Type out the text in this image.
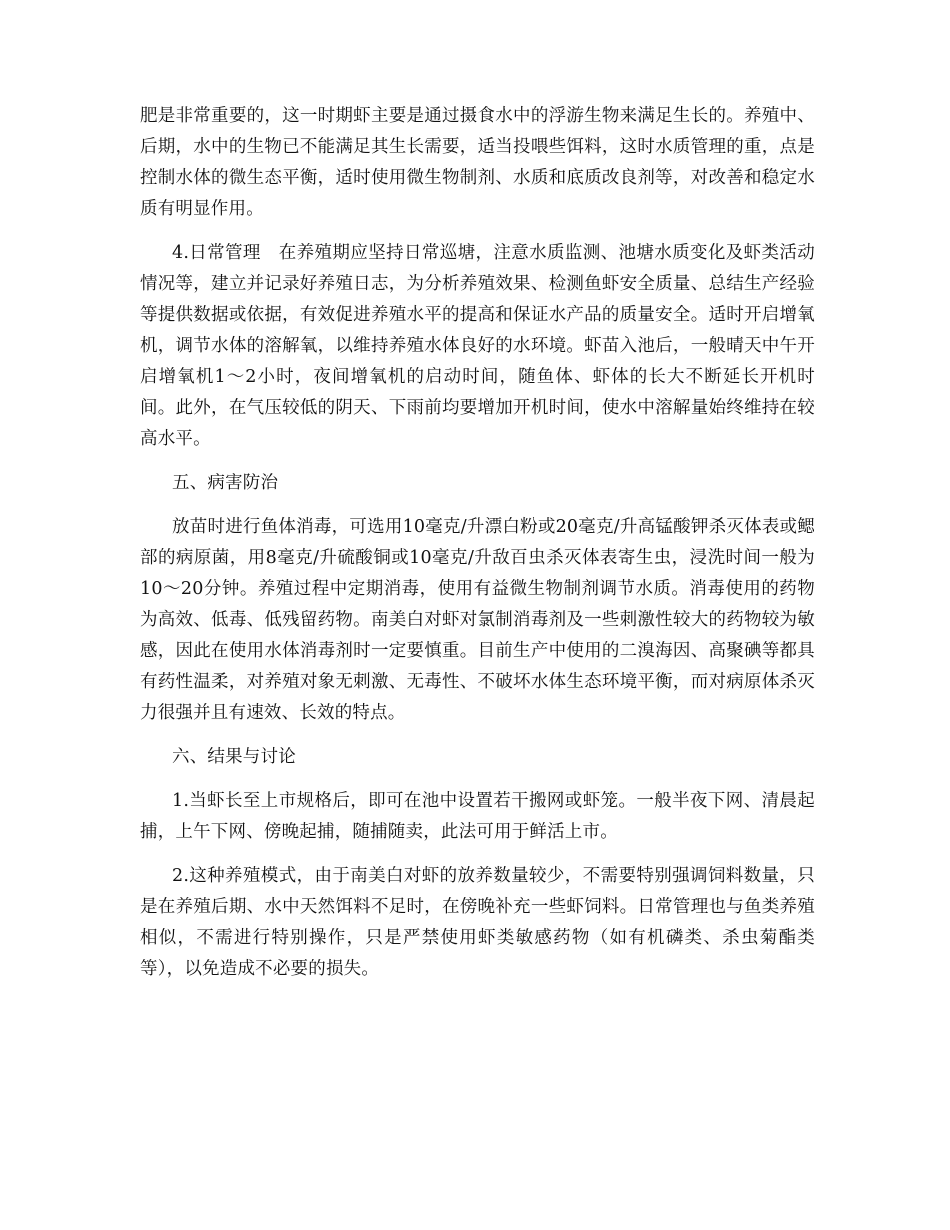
肥是非常重要的，这一时期虾主要是通过摄食水中的浮游生物来满足生长的。养殖中、后期，水中的生物已不能满足其生长需要，适当投喂些饵料，这时水质管理的重，点是控制水体的微生态平衡，适时使用微生物制剂、水质和底质改良剂等，对改善和稳定水质有明显作用。

4.日常管理 在养殖期应坚持日常巡塘，注意水质监测、池塘水质变化及虾类活动情况等，建立并记录好养殖日志，为分析养殖效果、检测鱼虾安全质量、总结生产经验等提供数据或依据，有效促进养殖水平的提高和保证水产品的质量安全。适时开启增氧机，调节水体的溶解氧，以维持养殖水体良好的水环境。虾苗入池后，一般晴天中午开启增氧机1～2小时，夜间增氧机的启动时间，随鱼体、虾体的长大不断延长开机时间。此外，在气压较低的阴天、下雨前均要增加开机时间，使水中溶解量始终维持在较高水平。

五、病害防治

放苗时进行鱼体消毒，可选用10毫克/升漂白粉或20毫克/升高锰酸钾杀灭体表或鳃部的病原菌，用8毫克/升硫酸铜或10毫克/升敌百虫杀灭体表寄生虫，浸洗时间一般为10～20分钟。养殖过程中定期消毒，使用有益微生物制剂调节水质。消毒使用的药物为高效、低毒、低残留药物。南美白对虾对氯制消毒剂及一些刺激性较大的药物较为敏感，因此在使用水体消毒剂时一定要慎重。目前生产中使用的二溴海因、高聚碘等都具有药性温柔，对养殖对象无刺激、无毒性、不破坏水体生态环境平衡，而对病原体杀灭力很强并且有速效、长效的特点。

六、结果与讨论

1.当虾长至上市规格后，即可在池中设置若干搬网或虾笼。一般半夜下网、清晨起捕，上午下网、傍晚起捕，随捕随卖，此法可用于鲜活上市。

2.这种养殖模式，由于南美白对虾的放养数量较少，不需要特别强调饲料数量，只是在养殖后期、水中天然饵料不足时，在傍晚补充一些虾饲料。日常管理也与鱼类养殖相似，不需进行特别操作，只是严禁使用虾类敏感药物（如有机磷类、杀虫菊酯类等），以免造成不必要的损失。
